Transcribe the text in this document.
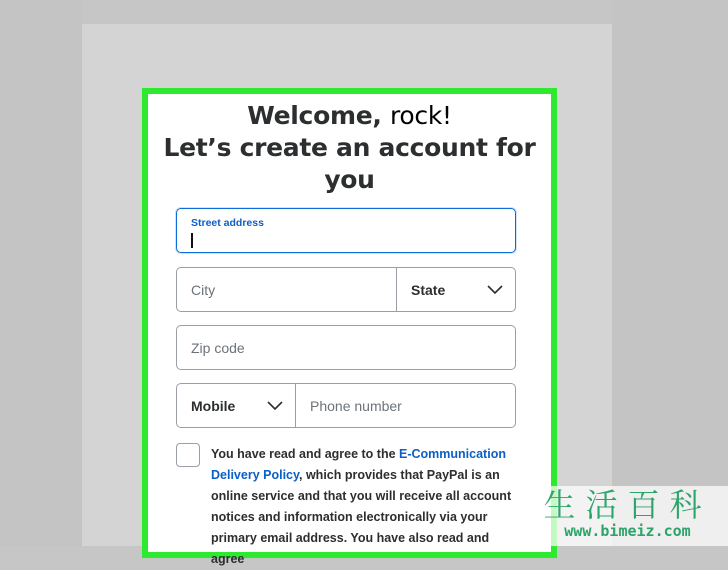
Welcome, rock!
Let’s create an account for you
Street address
City	State
Zip code
Mobile	Phone number

You have read and agree to the E-Communication Delivery Policy, which provides that PayPal is an online service and that you will receive all account notices and information electronically via your primary email address. You have also read and agree

生活百科
www.bimeiz.com
